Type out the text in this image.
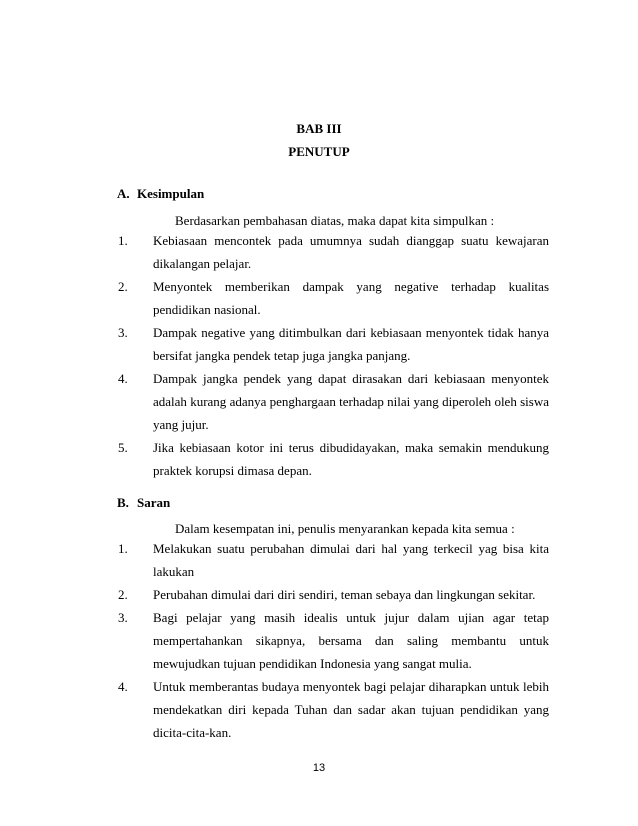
BAB III
PENUTUP
A. Kesimpulan
Berdasarkan pembahasan diatas, maka dapat kita simpulkan :
1.	Kebiasaan mencontek pada umumnya sudah dianggap suatu kewajaran dikalangan pelajar.
2.	Menyontek memberikan dampak yang negative terhadap kualitas pendidikan nasional.
3.	Dampak negative yang ditimbulkan dari kebiasaan menyontek tidak hanya bersifat jangka pendek tetap juga jangka panjang.
4.	Dampak jangka pendek yang dapat dirasakan dari kebiasaan menyontek adalah kurang adanya penghargaan terhadap nilai yang diperoleh oleh siswa yang jujur.
5.	Jika kebiasaan kotor ini terus dibudidayakan, maka semakin mendukung praktek korupsi dimasa depan.
B. Saran
Dalam kesempatan ini, penulis menyarankan kepada kita semua :
1.	Melakukan suatu perubahan dimulai dari hal yang terkecil yag bisa kita lakukan
2.	Perubahan dimulai dari diri sendiri, teman sebaya dan lingkungan sekitar.
3.	Bagi pelajar yang masih idealis untuk jujur dalam ujian agar tetap mempertahankan sikapnya, bersama dan saling membantu untuk mewujudkan tujuan pendidikan Indonesia yang sangat mulia.
4.	Untuk memberantas budaya menyontek bagi pelajar diharapkan untuk lebih mendekatkan diri kepada Tuhan dan sadar akan tujuan pendidikan yang dicita-cita-kan.
13
